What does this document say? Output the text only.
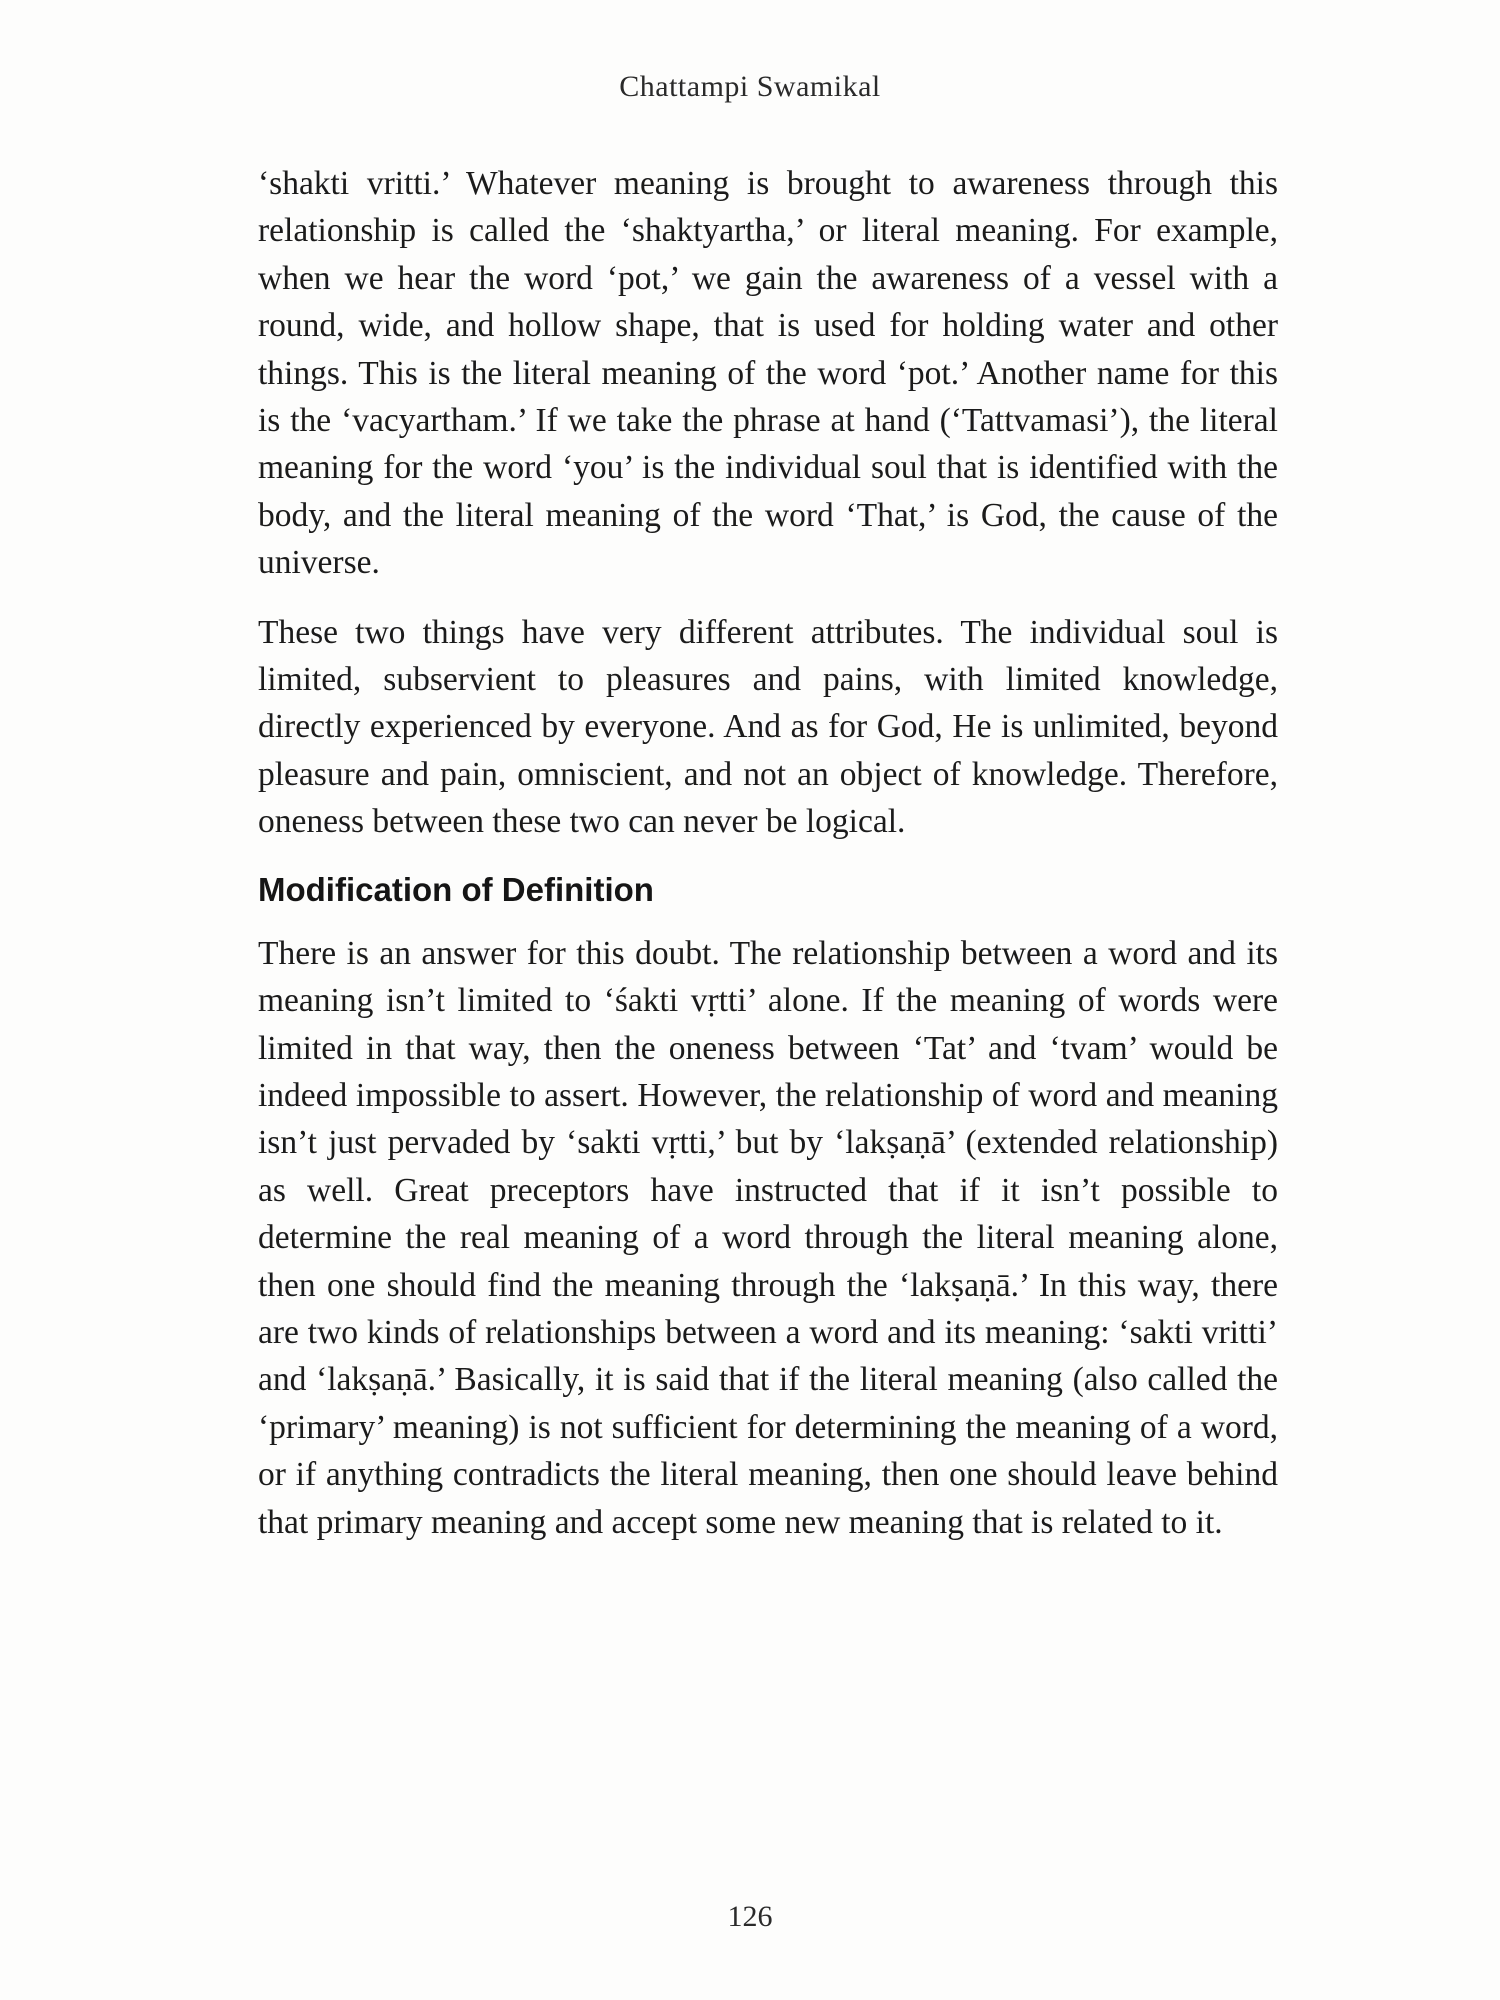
Chattampi Swamikal

‘shakti vritti.’ Whatever meaning is brought to awareness through this relationship is called the ‘shaktyartha,’ or literal meaning. For example, when we hear the word ‘pot,’ we gain the awareness of a vessel with a round, wide, and hollow shape, that is used for holding water and other things. This is the literal meaning of the word ‘pot.’ Another name for this is the ‘vacyartham.’ If we take the phrase at hand (‘Tattvamasi’), the literal meaning for the word ‘you’ is the individual soul that is identified with the body, and the literal meaning of the word ‘That,’ is God, the cause of the universe.

These two things have very different attributes. The individual soul is limited, subservient to pleasures and pains, with limited knowledge, directly experienced by everyone. And as for God, He is unlimited, beyond pleasure and pain, omniscient, and not an object of knowledge. Therefore, oneness between these two can never be logical.

Modification of Definition

There is an answer for this doubt. The relationship between a word and its meaning isn’t limited to ‘śakti vṛtti’ alone. If the meaning of words were limited in that way, then the oneness between ‘Tat’ and ‘tvam’ would be indeed impossible to assert. However, the relationship of word and meaning isn’t just pervaded by ‘sakti vṛtti,’ but by ‘lakṣaṇā’ (extended relationship) as well. Great preceptors have instructed that if it isn’t possible to determine the real meaning of a word through the literal meaning alone, then one should find the meaning through the ‘lakṣaṇā.’ In this way, there are two kinds of relationships between a word and its meaning: ‘sakti vritti’ and ‘lakṣaṇā.’ Basically, it is said that if the literal meaning (also called the ‘primary’ meaning) is not sufficient for determining the meaning of a word, or if anything contradicts the literal meaning, then one should leave behind that primary meaning and accept some new meaning that is related to it.

126
